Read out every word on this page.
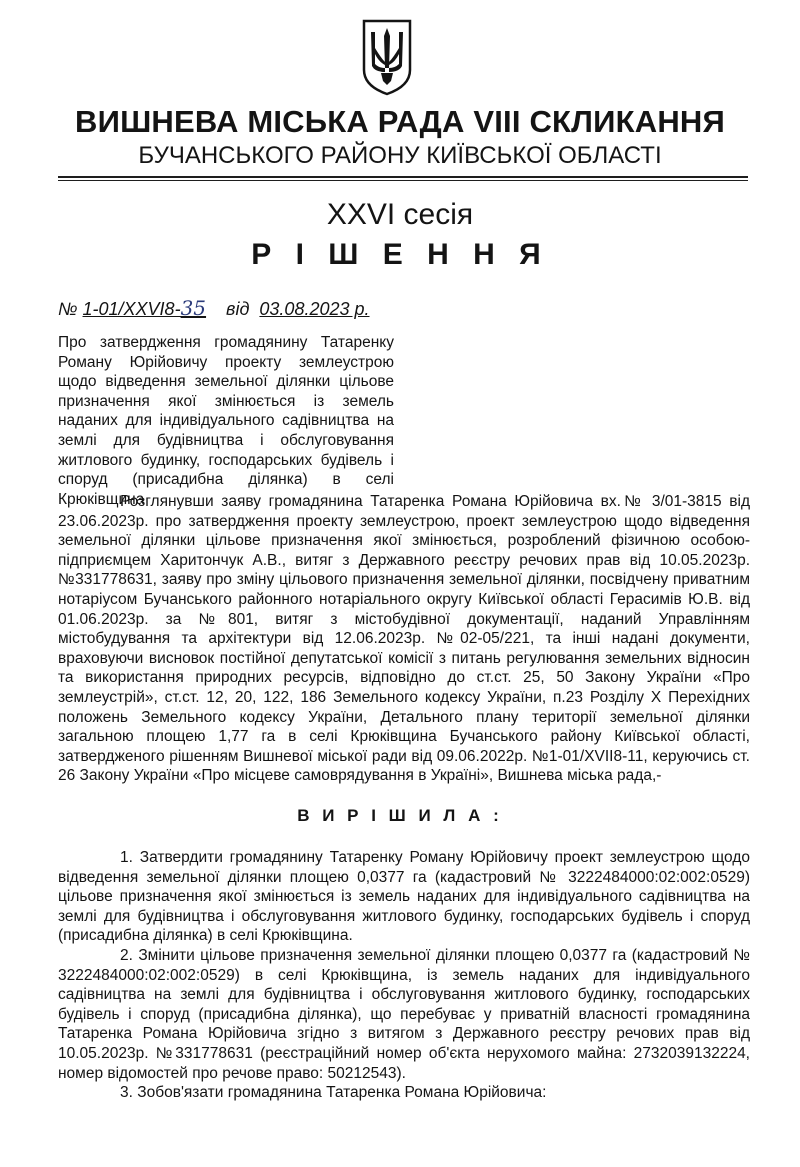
ВИШНЕВА МІСЬКА РАДА VIII СКЛИКАННЯ
БУЧАНСЬКОГО РАЙОНУ КИЇВСЬКОЇ ОБЛАСТІ
XXVI сесія
Р І Ш Е Н Н Я
№ 1-01/XXVI8-35 від 03.08.2023 р.
Про затвердження громадянину Татаренку Роману Юрійовичу проекту землеустрою щодо відведення земельної ділянки цільове призначення якої змінюється із земель наданих для індивідуального садівництва на землі для будівництва і обслуговування житлового будинку, господарських будівель і споруд (присадибна ділянка) в селі Крюківщина

Розглянувши заяву громадянина Татаренка Романа Юрійовича вх.№ 3/01-3815 від 23.06.2023р. про затвердження проекту землеустрою, проект землеустрою щодо відведення земельної ділянки цільове призначення якої змінюється, розроблений фізичною особою-підприємцем Харитончук А.В., витяг з Державного реєстру речових прав від 10.05.2023р. №331778631, заяву про зміну цільового призначення земельної ділянки, посвідчену приватним нотаріусом Бучанського районного нотаріального округу Київської області Герасимів Ю.В. від 01.06.2023р. за №801, витяг з містобудівної документації, наданий Управлінням містобудування та архітектури від 12.06.2023р. №02-05/221, та інші надані документи, враховуючи висновок постійної депутатської комісії з питань регулювання земельних відносин та використання природних ресурсів, відповідно до ст.ст. 25, 50 Закону України «Про землеустрій», ст.ст. 12, 20, 122, 186 Земельного кодексу України, п.23 Розділу X Перехідних положень Земельного кодексу України, Детального плану території земельної ділянки загальною площею 1,77 га в селі Крюківщина Бучанського району Київської області, затвердженого рішенням Вишневої міської ради від 09.06.2022р. №1-01/XVII8-11, керуючись ст. 26 Закону України «Про місцеве самоврядування в Україні», Вишнева міська рада,-

В И Р І Ш И Л А :

1. Затвердити громадянину Татаренку Роману Юрійовичу проект землеустрою щодо відведення земельної ділянки площею 0,0377 га (кадастровий № 3222484000:02:002:0529) цільове призначення якої змінюється із земель наданих для індивідуального садівництва на землі для будівництва і обслуговування житлового будинку, господарських будівель і споруд (присадибна ділянка) в селі Крюківщина.

2. Змінити цільове призначення земельної ділянки площею 0,0377 га (кадастровий № 3222484000:02:002:0529) в селі Крюківщина, із земель наданих для індивідуального садівництва на землі для будівництва і обслуговування житлового будинку, господарських будівель і споруд (присадибна ділянка), що перебуває у приватній власності громадянина Татаренка Романа Юрійовича згідно з витягом з Державного реєстру речових прав від 10.05.2023р. №331778631 (реєстраційний номер об'єкта нерухомого майна: 2732039132224, номер відомостей про речове право: 50212543).

3. Зобов'язати громадянина Татаренка Романа Юрійовича:
